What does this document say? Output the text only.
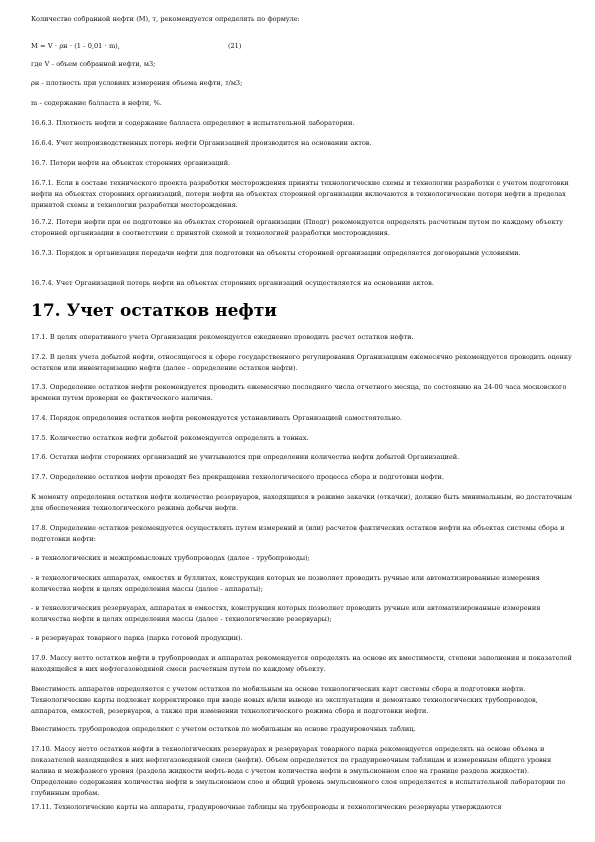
Количество собранной нефти (М), т, рекомендуется определять по формуле:
M = V · ρн · (1 - 0,01 · m),	(21)
где V - объем собранной нефти, м3;
ρн - плотность при условиях измерения объема нефти, т/м3;
m - содержание балласта в нефти, %.
16.6.3. Плотность нефти и содержание балласта определяют в испытательной лаборатории.
16.6.4. Учет непроизводственных потерь нефти Организацией производится на основании актов.
16.7. Потери нефти на объектах сторонних организаций.
16.7.1. Если в составе технического проекта разработки месторождения приняты технологические схемы и технологии разработки с учетом подготовки нефти на объектах сторонних организаций, потери нефти на объектах сторонней организации включаются в технологические потери нефти в пределах принятой схемы и технологии разработки месторождения.
16.7.2. Потери нефти при ее подготовке на объектах сторонней организации (Пподг) рекомендуется определять расчетным путем по каждому объекту сторонней организации в соответствии с принятой схемой и технологией разработки месторождения.
16.7.3. Порядок и организация передачи нефти для подготовки на объекты сторонней организации определяется договорными условиями.
16.7.4. Учет Организацией потерь нефти на объектах сторонних организаций осуществляется на основании актов.
17. Учет остатков нефти
17.1. В целях оперативного учета Организации рекомендуется ежедневно проводить расчет остатков нефти.
17.2. В целях учета добытой нефти, относящегося к сфере государственного регулирования Организациям ежемесячно рекомендуется проводить оценку остатков или инвентаризацию нефти (далее - определение остатков нефти).
17.3. Определение остатков нефти рекомендуется проводить ежемесячно последнего числа отчетного месяца, по состоянию на 24-00 часа московского времени путем проверки ее фактического наличия.
17.4. Порядок определения остатков нефти рекомендуется устанавливать Организацией самостоятельно.
17.5. Количество остатков нефти добытой рекомендуется определять в тоннах.
17.6. Остатки нефти сторонних организаций не учитываются при определении количества нефти добытой Организацией.
17.7. Определение остатков нефти проводят без прекращения технологического процесса сбора и подготовки нефти.
К моменту определения остатков нефти количество резервуаров, находящихся в режиме закачки (откачки), должно быть минимальным, но достаточным для обеспечения технологического режима добычи нефти.
17.8. Определение остатков рекомендуется осуществлять путем измерений и (или) расчетов фактических остатков нефти на объектах системы сбора и подготовки нефти:
- в технологических и межпромысловых трубопроводах (далее - трубопроводы);
- в технологических аппаратах, емкостях и буллитах, конструкция которых не позволяет проводить ручные или автоматизированные измерения количества нефти в целях определения массы (далее - аппараты);
- в технологических резервуарах, аппаратах и емкостях, конструкция которых позволяет проводить ручные или автоматизированные измерения количества нефти в целях определения массы (далее - технологические резервуары);
- в резервуарах товарного парка (парка готовой продукции).
17.9. Массу нетто остатков нефти в трубопроводах и аппаратах рекомендуется определять на основе их вместимости, степени заполнения и показателей находящейся в них нефтегазоводяной смеси расчетным путем по каждому объекту.
Вместимость аппаратов определяется с учетом остатков по мобильным на основе технологических карт системы сбора и подготовки нефти. Технологические карты подлежат корректировке при вводе новых и/или выводе из эксплуатации и демонтаже технологических трубопроводов, аппаратов, емкостей, резервуаров, а также при изменении технологического режима сбора и подготовки нефти.
Вместимость трубопроводов определяют с учетом остатков по мобильным на основе градуировочных таблиц.
17.10. Массу нетто остатков нефти в технологических резервуарах и резервуарах товарного парка рекомендуется определять на основе объема и показателей находящейся в них нефтегазоводяной смеси (нефти). Объем определяется по градуировочным таблицам и измеренным общего уровня налива и межфазного уровня (раздела жидкости нефть-вода с учетом количества нефти в эмульсионном слое на границе раздела жидкости). Определение содержания количества нефти в эмульсионном слое и общий уровень эмульсионного слоя определяется в испытательной лаборатории по глубинным пробам.
17.11. Технологические карты на аппараты, градуировочные таблицы на трубопроводы и технологические резервуары утверждаются
